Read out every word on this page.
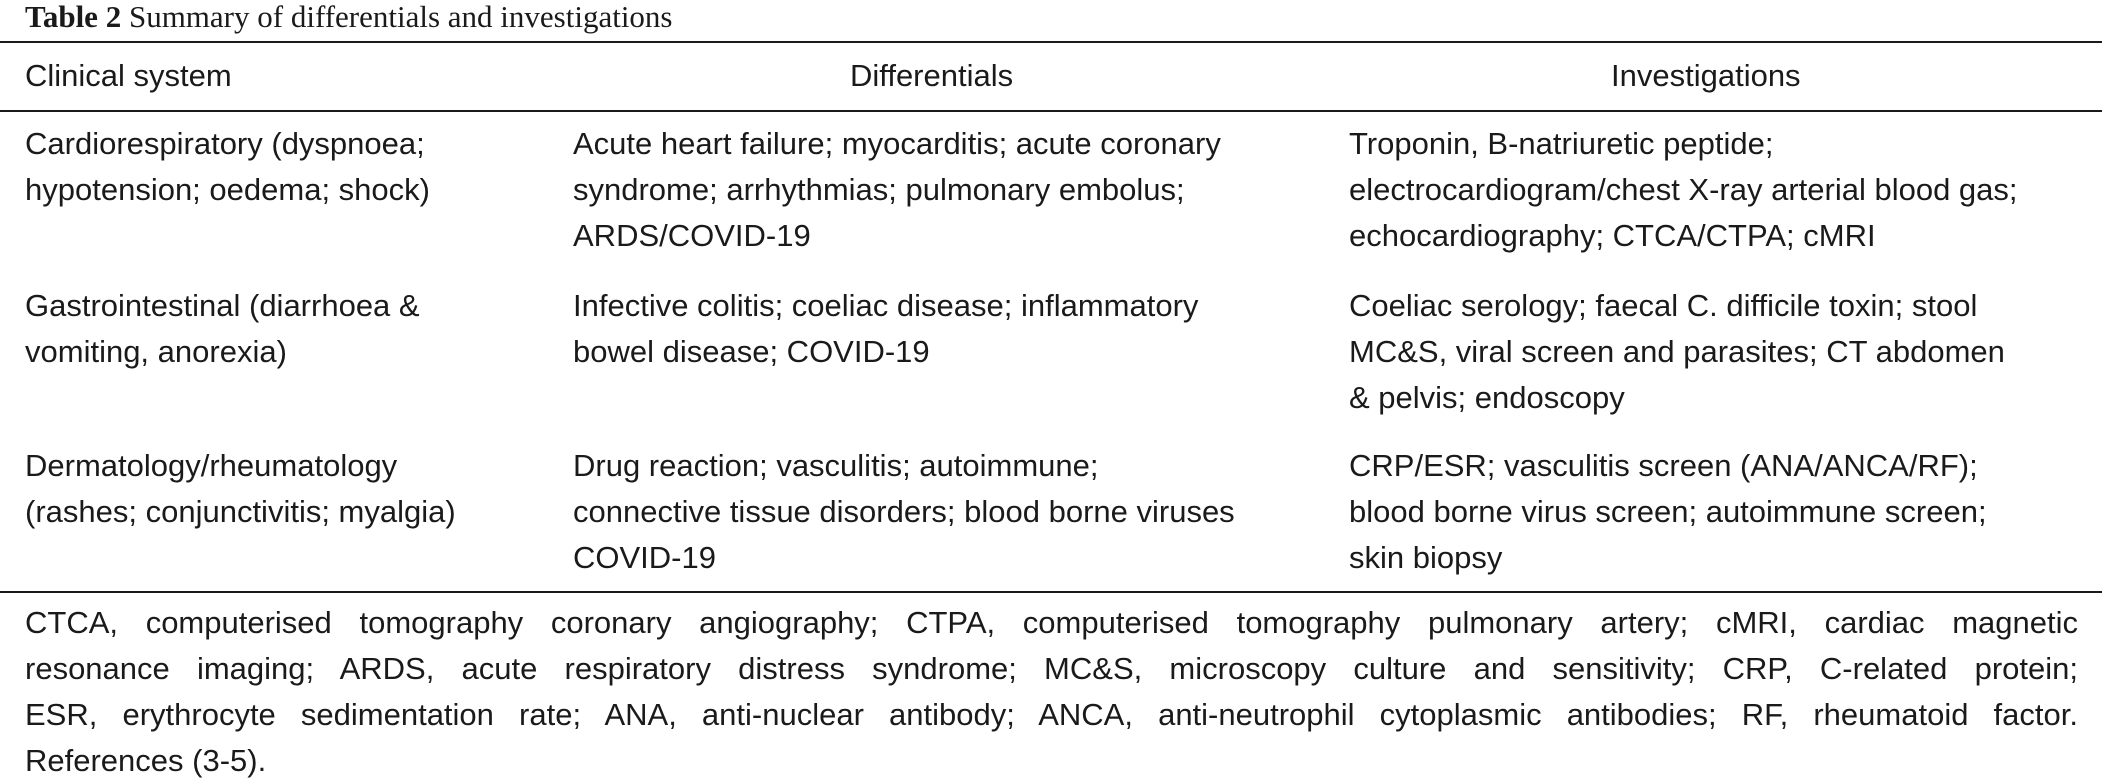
Table 2 Summary of differentials and investigations
Clinical system	Differentials	Investigations
Cardiorespiratory (dyspnoea;
hypotension; oedema; shock)
Acute heart failure; myocarditis; acute coronary
syndrome; arrhythmias; pulmonary embolus;
ARDS/COVID-19
Troponin, B-natriuretic peptide;
electrocardiogram/chest X-ray arterial blood gas;
echocardiography; CTCA/CTPA; cMRI
Gastrointestinal (diarrhoea &
vomiting, anorexia)
Infective colitis; coeliac disease; inflammatory
bowel disease; COVID-19
Coeliac serology; faecal C. difficile toxin; stool
MC&S, viral screen and parasites; CT abdomen
& pelvis; endoscopy
Dermatology/rheumatology
(rashes; conjunctivitis; myalgia)
Drug reaction; vasculitis; autoimmune;
connective tissue disorders; blood borne viruses
COVID-19
CRP/ESR; vasculitis screen (ANA/ANCA/RF);
blood borne virus screen; autoimmune screen;
skin biopsy
CTCA, computerised tomography coronary angiography; CTPA, computerised tomography pulmonary artery; cMRI, cardiac magnetic
resonance imaging; ARDS, acute respiratory distress syndrome; MC&S, microscopy culture and sensitivity; CRP, C-related protein;
ESR, erythrocyte sedimentation rate; ANA, anti-nuclear antibody; ANCA, anti-neutrophil cytoplasmic antibodies; RF, rheumatoid factor.
References (3-5).
